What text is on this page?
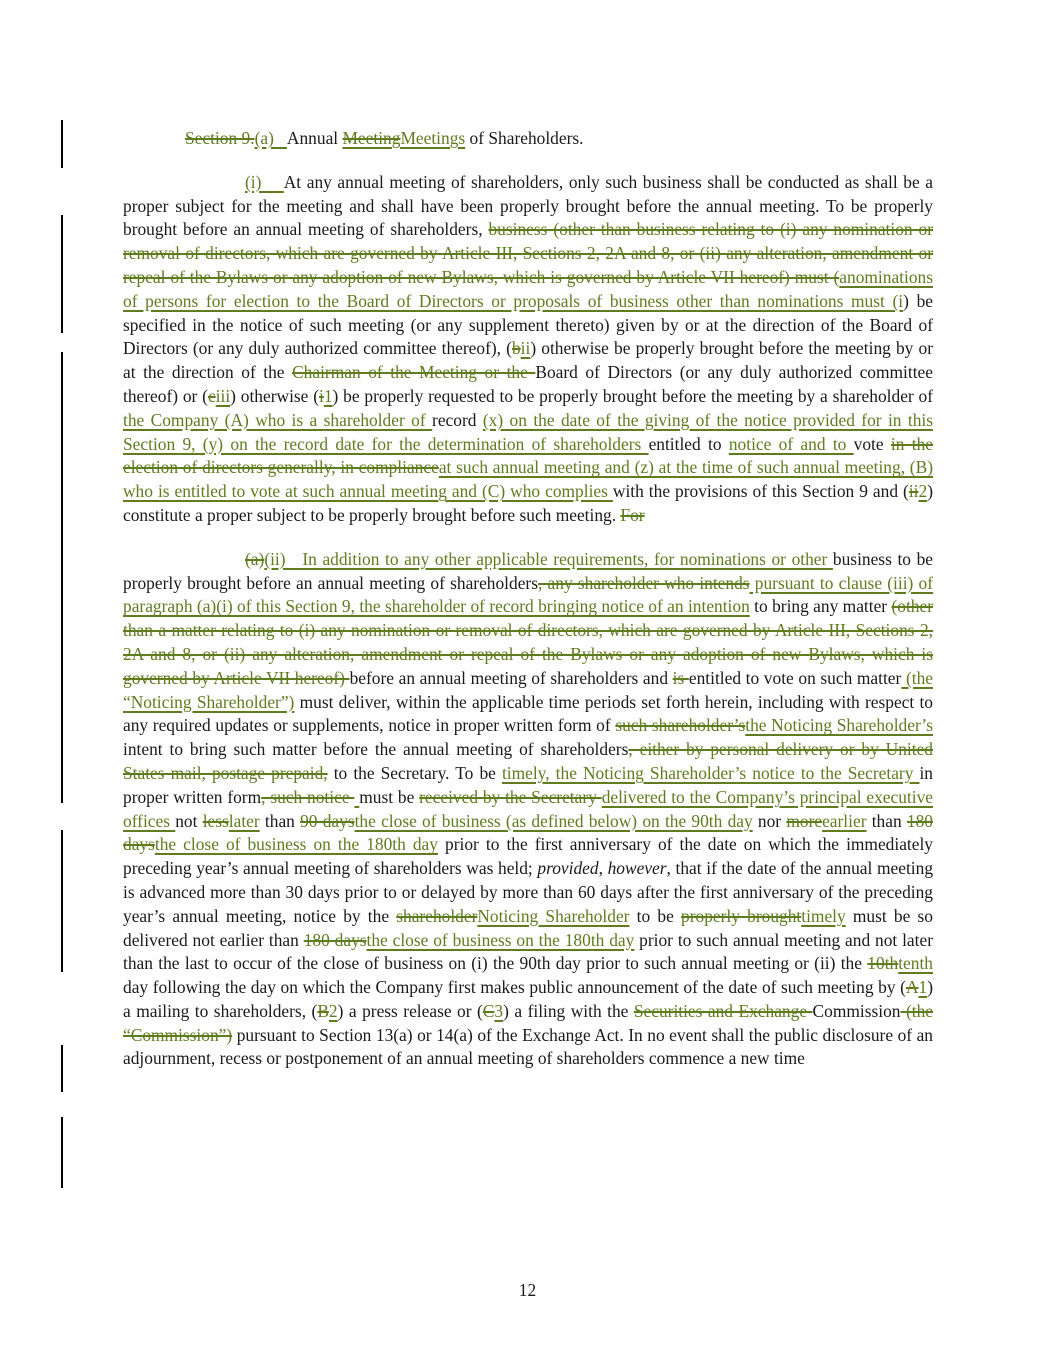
Section 9.(a)   Annual MeetingMeetings of Shareholders.

(i)    At any annual meeting of shareholders, only such business shall be conducted as shall be a proper subject for the meeting and shall have been properly brought before the annual meeting. To be properly brought before an annual meeting of shareholders, business (other than business relating to (i) any nomination or removal of directors, which are governed by Article III, Sections 2, 2A and 8, or (ii) any alteration, amendment or repeal of the Bylaws or any adoption of new Bylaws, which is governed by Article VII hereof) must (anominations of persons for election to the Board of Directors or proposals of business other than nominations must (i) be specified in the notice of such meeting (or any supplement thereto) given by or at the direction of the Board of Directors (or any duly authorized committee thereof), (bii) otherwise be properly brought before the meeting by or at the direction of the Chairman of the Meeting or the Board of Directors (or any duly authorized committee thereof) or (ciii) otherwise (i1) be properly requested to be properly brought before the meeting by a shareholder of the Company (A) who is a shareholder of record (x) on the date of the giving of the notice provided for in this Section 9, (y) on the record date for the determination of shareholders entitled to notice of and to vote in the election of directors generally, in complianceat such annual meeting and (z) at the time of such annual meeting, (B) who is entitled to vote at such annual meeting and (C) who complies with the provisions of this Section 9 and (ii2) constitute a proper subject to be properly brought before such meeting. For

(a)(ii)   In addition to any other applicable requirements, for nominations or other business to be properly brought before an annual meeting of shareholders, any shareholder who intends pursuant to clause (iii) of paragraph (a)(i) of this Section 9, the shareholder of record bringing notice of an intention to bring any matter (other than a matter relating to (i) any nomination or removal of directors, which are governed by Article III, Sections 2, 2A and 8, or (ii) any alteration, amendment or repeal of the Bylaws or any adoption of new Bylaws, which is governed by Article VII hereof) before an annual meeting of shareholders and is entitled to vote on such matter (the “Noticing Shareholder”) must deliver, within the applicable time periods set forth herein, including with respect to any required updates or supplements, notice in proper written form of such shareholder’sthe Noticing Shareholder’s intent to bring such matter before the annual meeting of shareholders, either by personal delivery or by United States mail, postage prepaid, to the Secretary. To be timely, the Noticing Shareholder’s notice to the Secretary in proper written form, such notice  must be received by the Secretary delivered to the Company’s principal executive offices not lesslater than 90 daysthe close of business (as defined below) on the 90th day nor moreearlier than 180 daysthe close of business on the 180th day prior to the first anniversary of the date on which the immediately preceding year’s annual meeting of shareholders was held; provided, however, that if the date of the annual meeting is advanced more than 30 days prior to or delayed by more than 60 days after the first anniversary of the preceding year’s annual meeting, notice by the shareholderNoticing Shareholder to be properly broughttimely must be so delivered not earlier than 180 daysthe close of business on the 180th day prior to such annual meeting and not later than the last to occur of the close of business on (i) the 90th day prior to such annual meeting or (ii) the 10thtenth day following the day on which the Company first makes public announcement of the date of such meeting by (A1) a mailing to shareholders, (B2) a press release or (C3) a filing with the Securities and Exchange Commission (the “Commission”) pursuant to Section 13(a) or 14(a) of the Exchange Act. In no event shall the public disclosure of an adjournment, recess or postponement of an annual meeting of shareholders commence a new time

12
